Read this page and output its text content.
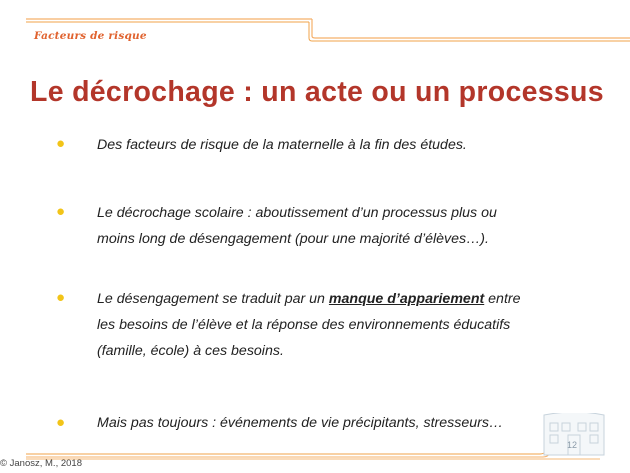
Facteurs de risque
Le décrochage : un acte ou un processus
● Des facteurs de risque de la maternelle à la fin des études.
● Le décrochage scolaire : aboutissement d’un processus plus ou
moins long de désengagement (pour une majorité d’élèves…).
● Le désengagement se traduit par un manque d’appariement entre
les besoins de l’élève et la réponse des environnements éducatifs
(famille, école) à ces besoins.
● Mais pas toujours : événements de vie précipitants, stresseurs…
12
© Janosz, M., 2018
